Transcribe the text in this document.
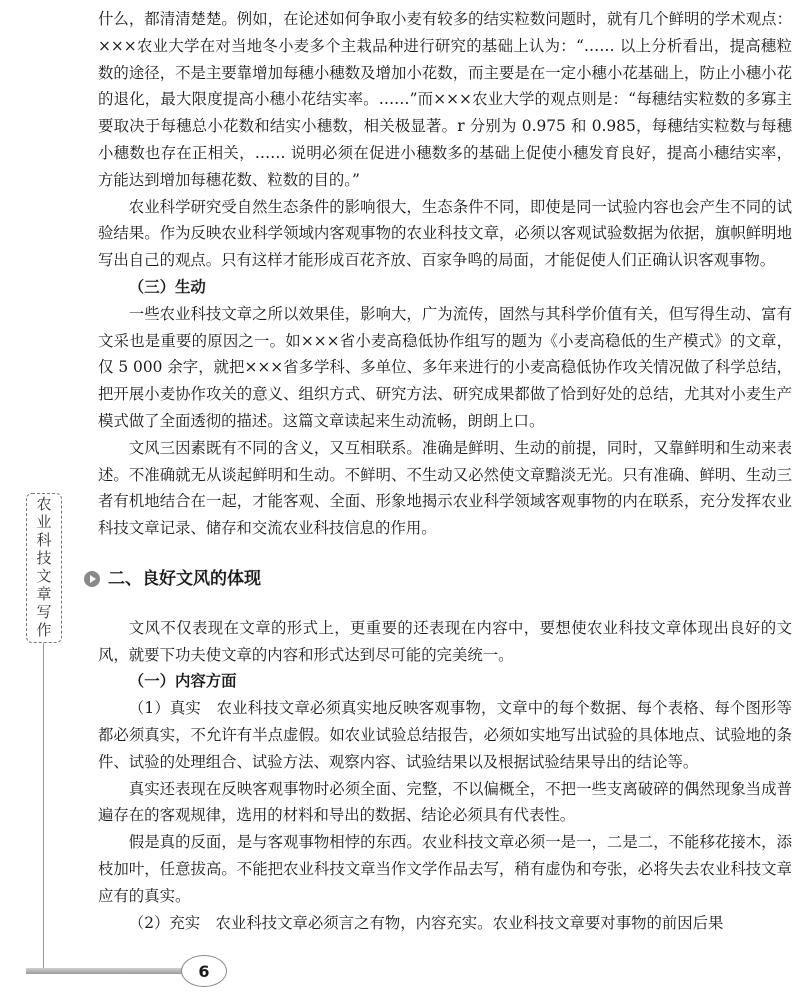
什么，都清清楚楚。例如，在论述如何争取小麦有较多的结实粒数问题时，就有几个鲜明的学术观点：×××农业大学在对当地冬小麦多个主栽品种进行研究的基础上认为：“…… 以上分析看出，提高穗粒数的途径，不是主要靠增加每穗小穗数及增加小花数，而主要是在一定小穗小花基础上，防止小穗小花的退化，最大限度提高小穗小花结实率。……”而×××农业大学的观点则是：“每穗结实粒数的多寡主要取决于每穗总小花数和结实小穗数，相关极显著。r 分别为 0.975 和 0.985，每穗结实粒数与每穗小穗数也存在正相关，…… 说明必须在促进小穗数多的基础上促使小穗发育良好，提高小穗结实率，方能达到增加每穗花数、粒数的目的。”

农业科学研究受自然生态条件的影响很大，生态条件不同，即使是同一试验内容也会产生不同的试验结果。作为反映农业科学领域内客观事物的农业科技文章，必须以客观试验数据为依据，旗帜鲜明地写出自己的观点。只有这样才能形成百花齐放、百家争鸣的局面，才能促使人们正确认识客观事物。

（三）生动

一些农业科技文章之所以效果佳，影响大，广为流传，固然与其科学价值有关，但写得生动、富有文采也是重要的原因之一。如×××省小麦高稳低协作组写的题为《小麦高稳低的生产模式》的文章，仅 5 000 余字，就把×××省多学科、多单位、多年来进行的小麦高稳低协作攻关情况做了科学总结，把开展小麦协作攻关的意义、组织方式、研究方法、研究成果都做了恰到好处的总结，尤其对小麦生产模式做了全面透彻的描述。这篇文章读起来生动流畅，朗朗上口。

文风三因素既有不同的含义，又互相联系。准确是鲜明、生动的前提，同时，又靠鲜明和生动来表述。不准确就无从谈起鲜明和生动。不鲜明、不生动又必然使文章黯淡无光。只有准确、鲜明、生动三者有机地结合在一起，才能客观、全面、形象地揭示农业科学领域客观事物的内在联系，充分发挥农业科技文章记录、储存和交流农业科技信息的作用。

二、良好文风的体现

文风不仅表现在文章的形式上，更重要的还表现在内容中，要想使农业科技文章体现出良好的文风，就要下功夫使文章的内容和形式达到尽可能的完美统一。

（一）内容方面

（1）真实　农业科技文章必须真实地反映客观事物，文章中的每个数据、每个表格、每个图形等都必须真实，不允许有半点虚假。如农业试验总结报告，必须如实地写出试验的具体地点、试验地的条件、试验的处理组合、试验方法、观察内容、试验结果以及根据试验结果导出的结论等。

真实还表现在反映客观事物时必须全面、完整，不以偏概全，不把一些支离破碎的偶然现象当成普遍存在的客观规律，选用的材料和导出的数据、结论必须具有代表性。

假是真的反面，是与客观事物相悖的东西。农业科技文章必须一是一，二是二，不能移花接木，添枝加叶，任意拔高。不能把农业科技文章当作文学作品去写，稍有虚伪和夸张，必将失去农业科技文章应有的真实。

（2）充实　农业科技文章必须言之有物，内容充实。农业科技文章要对事物的前因后果

农业科技文章写作
6
